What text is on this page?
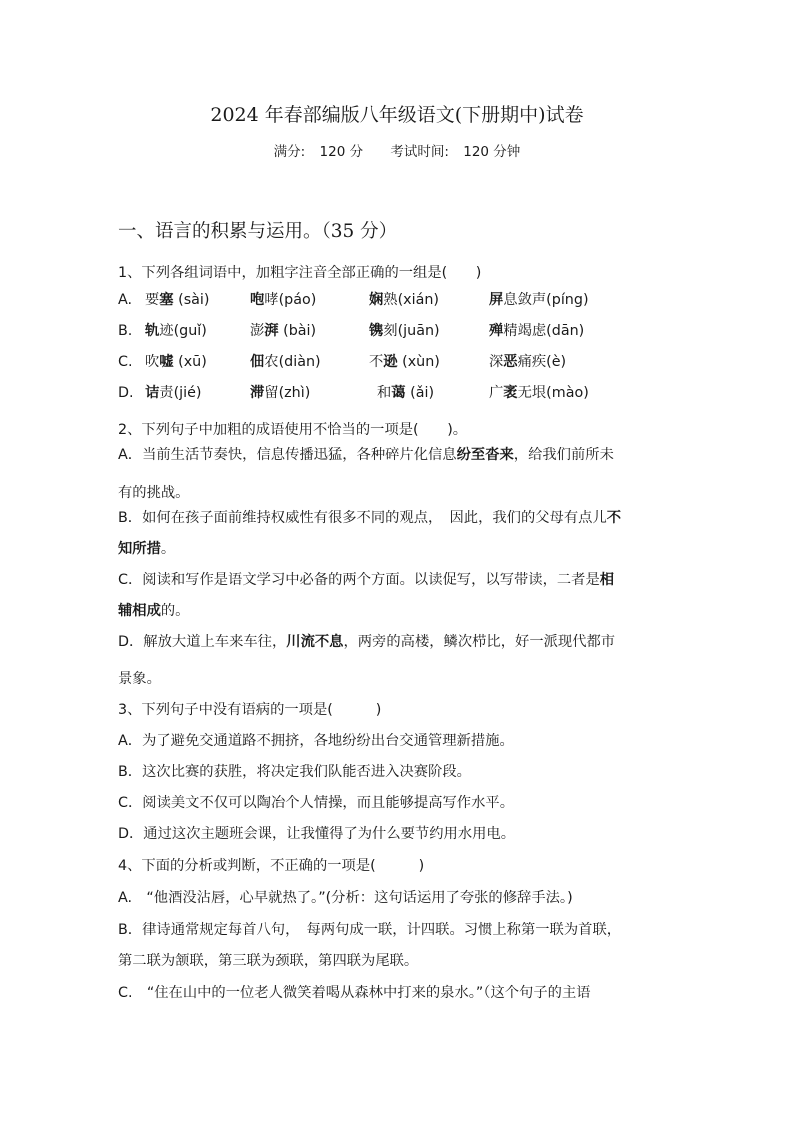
2024 年春部编版八年级语文(下册期中)试卷
满分: 120 分 考试时间: 120 分钟
一、语言的积累与运用。（35 分）
1、下列各组词语中，加粗字注音全部正确的一组是(　　)
A. 要塞 (sài)	咆哮(páo)	娴熟(xián)	屏息敛声(píng)
B. 轨迹(guǐ)	澎湃 (bài)	镌刻(juān)	殚精竭虑(dān)
C. 吹嘘 (xū)	佃农(diàn)	不逊 (xùn)	深恶痛疾(è)
D. 诘责(jié)	滞留(zhì)	和蔼 (ǎi)	广袤无垠(mào)
2、下列句子中加粗的成语使用不恰当的一项是(　　)。
A．当前生活节奏快，信息传播迅猛，各种碎片化信息纷至沓来，给我们前所未
有的挑战。
B．如何在孩子面前维持权威性有很多不同的观点，　因此，我们的父母有点儿不
知所措。
C．阅读和写作是语文学习中必备的两个方面。以读促写，以写带读，二者是相
辅相成的。
D．解放大道上车来车往，川流不息，两旁的高楼，鳞次栉比，好一派现代都市
景象。
3、下列句子中没有语病的一项是(　　　)
A．为了避免交通道路不拥挤，各地纷纷出台交通管理新措施。
B．这次比赛的获胜，将决定我们队能否进入决赛阶段。
C．阅读美文不仅可以陶冶个人情操，而且能够提高写作水平。
D．通过这次主题班会课，让我懂得了为什么要节约用水用电。
4、下面的分析或判断，不正确的一项是(　　　)
A.　“他酒没沾唇，心早就热了。”(分析：这句话运用了夸张的修辞手法。)
B．律诗通常规定每首八句，　每两句成一联，计四联。习惯上称第一联为首联，
第二联为颔联，第三联为颈联，第四联为尾联。
C.　“住在山中的一位老人微笑着喝从森林中打来的泉水。”（这个句子的主语
